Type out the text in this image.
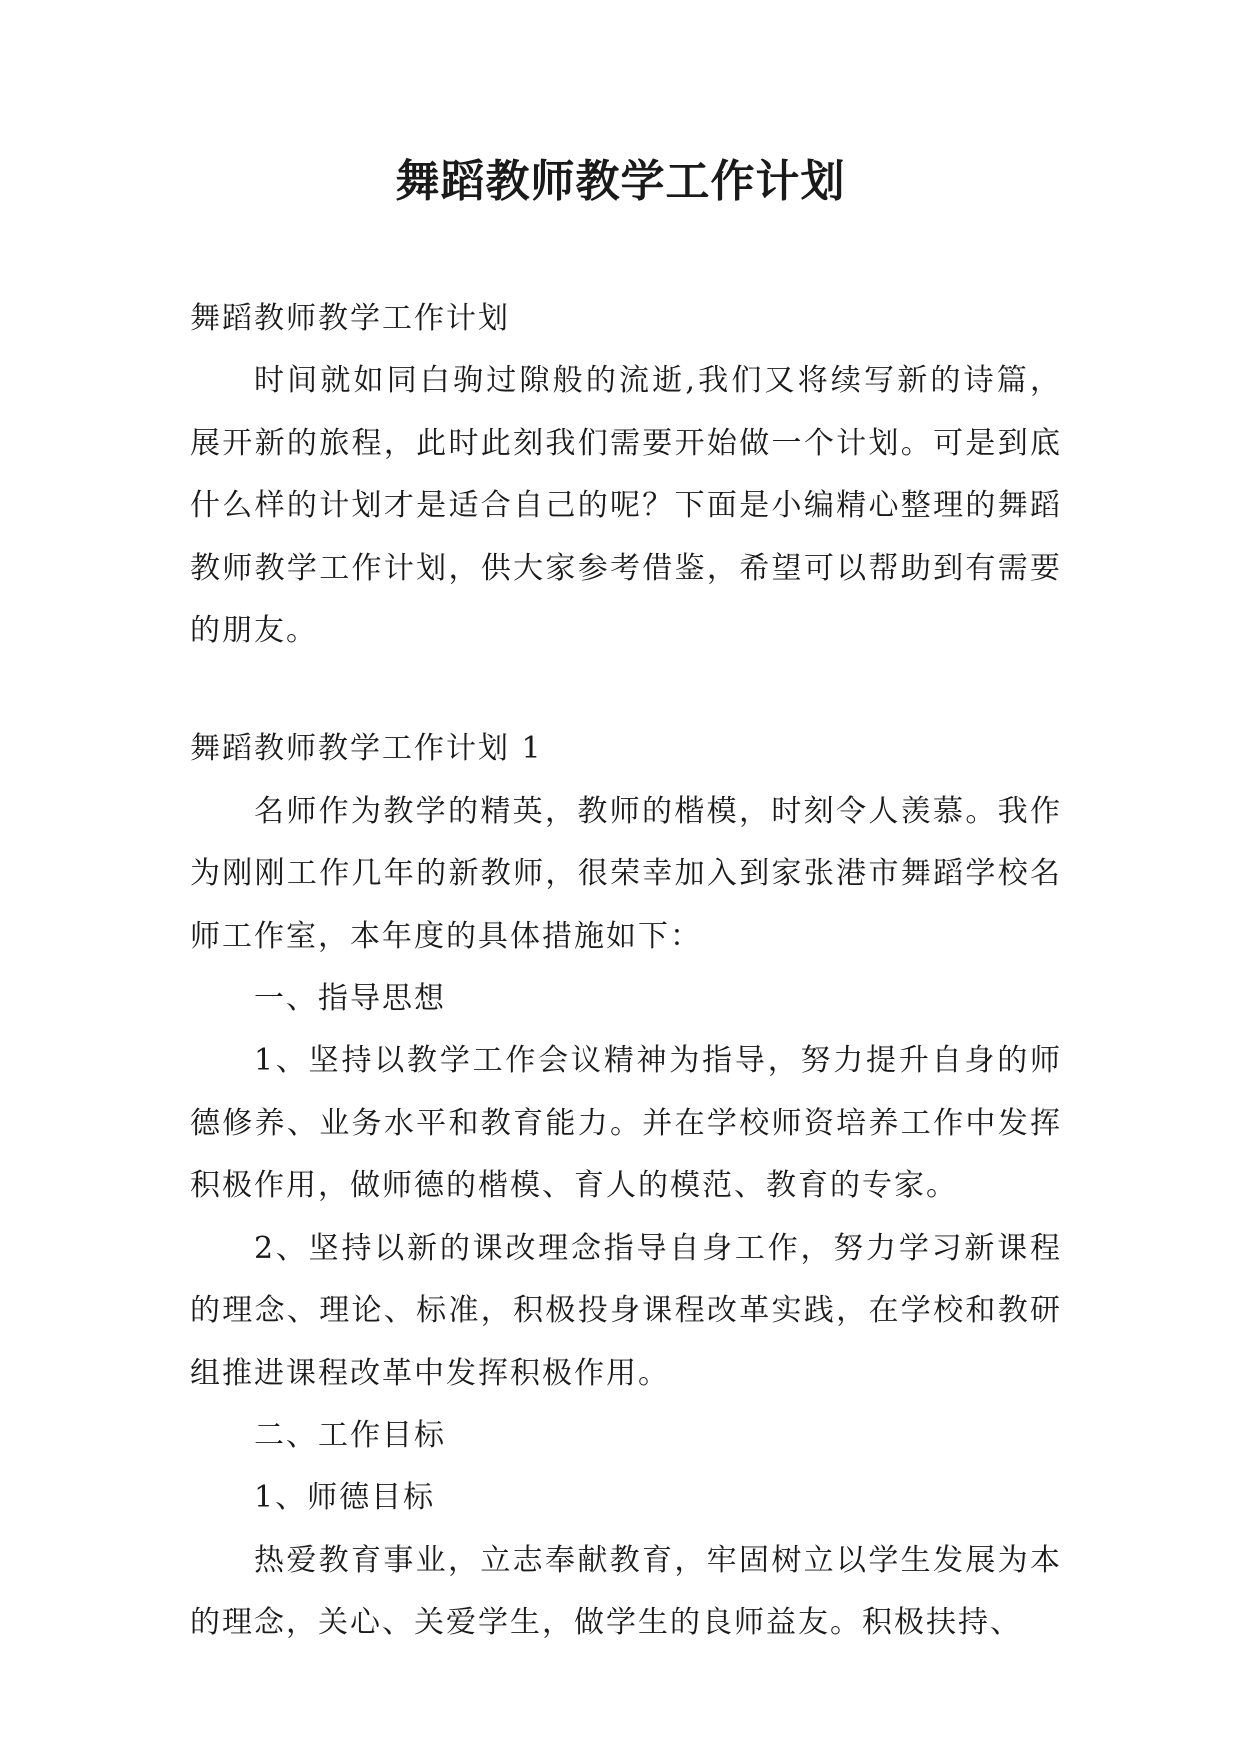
舞蹈教师教学工作计划

舞蹈教师教学工作计划

时间就如同白驹过隙般的流逝,我们又将续写新的诗篇，展开新的旅程，此时此刻我们需要开始做一个计划。可是到底什么样的计划才是适合自己的呢？下面是小编精心整理的舞蹈教师教学工作计划，供大家参考借鉴，希望可以帮助到有需要的朋友。

舞蹈教师教学工作计划 1

名师作为教学的精英，教师的楷模，时刻令人羡慕。我作为刚刚工作几年的新教师，很荣幸加入到家张港市舞蹈学校名师工作室，本年度的具体措施如下：

一、指导思想

1、坚持以教学工作会议精神为指导，努力提升自身的师德修养、业务水平和教育能力。并在学校师资培养工作中发挥积极作用，做师德的楷模、育人的模范、教育的专家。

2、坚持以新的课改理念指导自身工作，努力学习新课程的理念、理论、标准，积极投身课程改革实践，在学校和教研组推进课程改革中发挥积极作用。

二、工作目标

1、师德目标

热爱教育事业，立志奉献教育，牢固树立以学生发展为本的理念，关心、关爱学生，做学生的良师益友。积极扶持、
